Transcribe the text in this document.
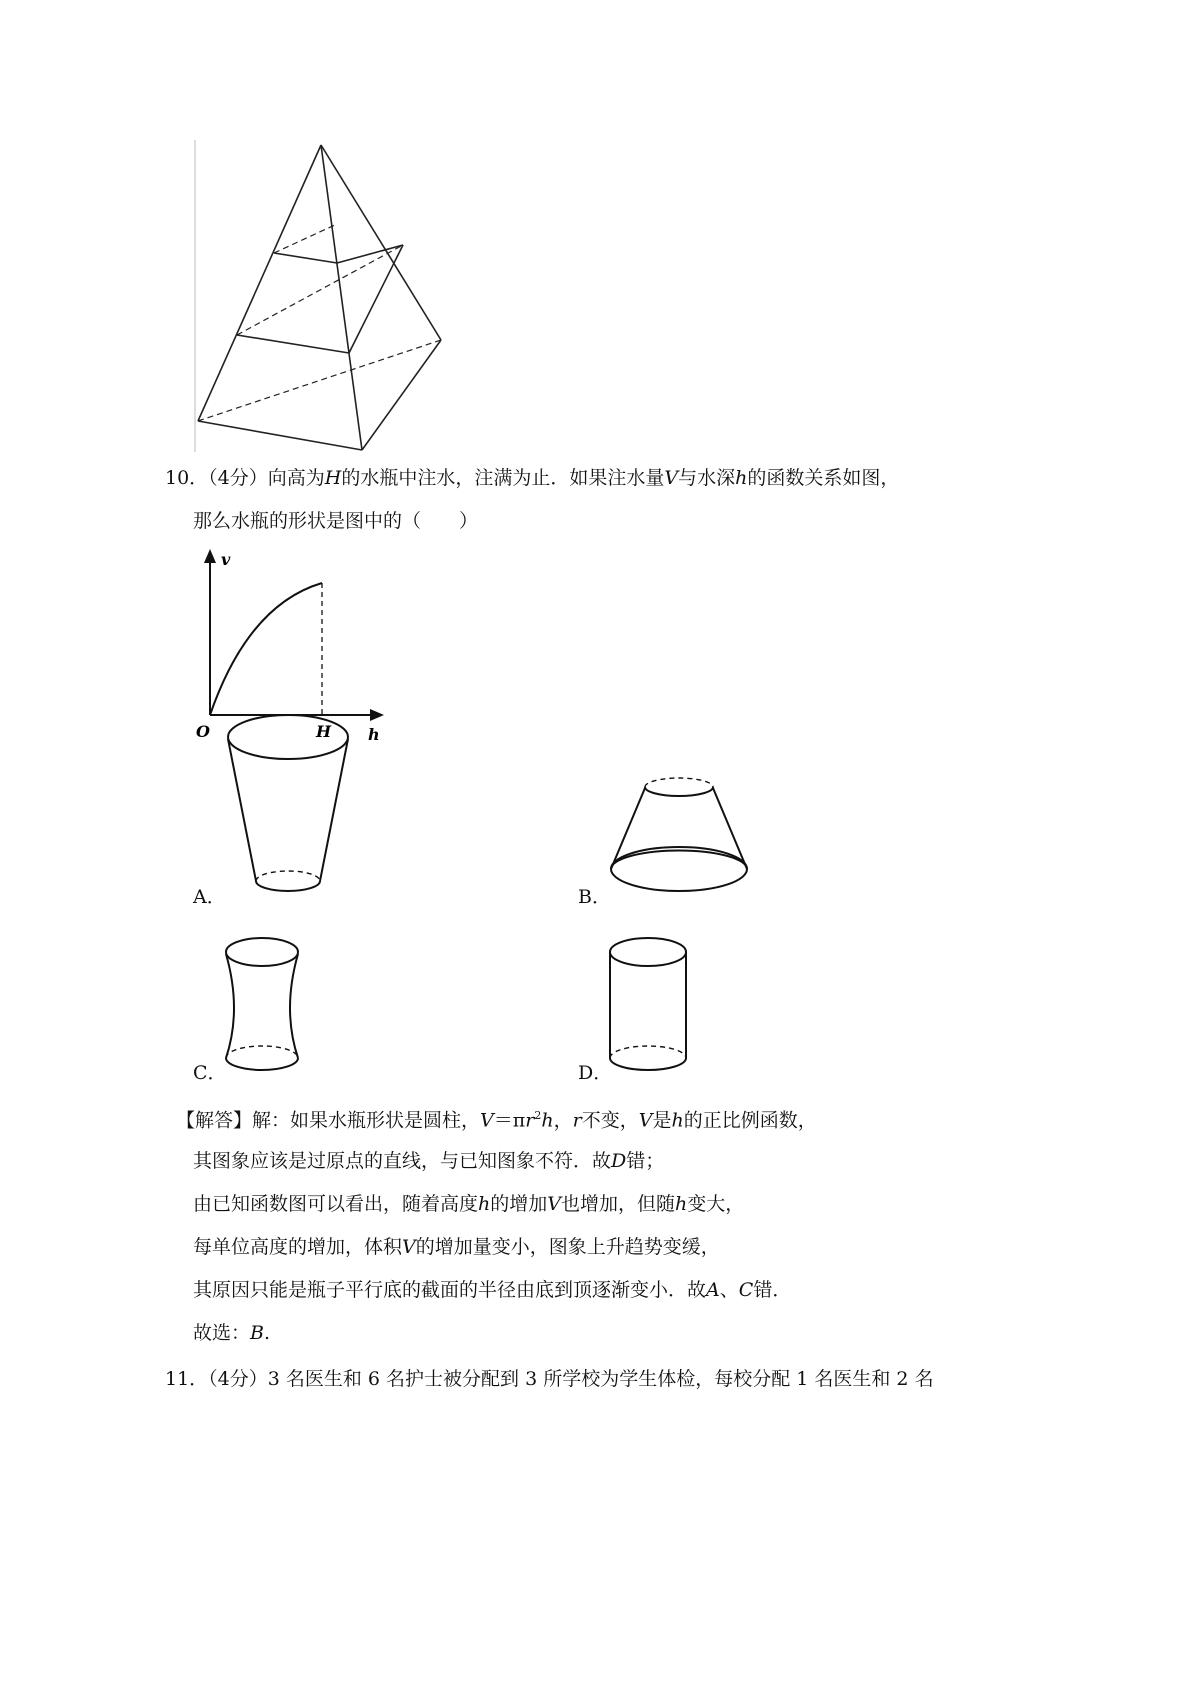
10．（4分）向高为H的水瓶中注水，注满为止．如果注水量V与水深h的函数关系如图，
那么水瓶的形状是图中的（　　）
v
O	H h
A．	B．
C．	D．
【解答】解：如果水瓶形状是圆柱，$V=\pi r^2h$，r不变，V是h的正比例函数，
其图象应该是过原点的直线，与已知图象不符．故D错；
由已知函数图可以看出，随着高度h的增加V也增加，但随h变大，
每单位高度的增加，体积V的增加量变小，图象上升趋势变缓，
其原因只能是瓶子平行底的截面的半径由底到顶逐渐变小．故A、C错．
故选：B.
11．（4分）3 名医生和 6 名护士被分配到 3 所学校为学生体检，每校分配 1 名医生和 2 名
